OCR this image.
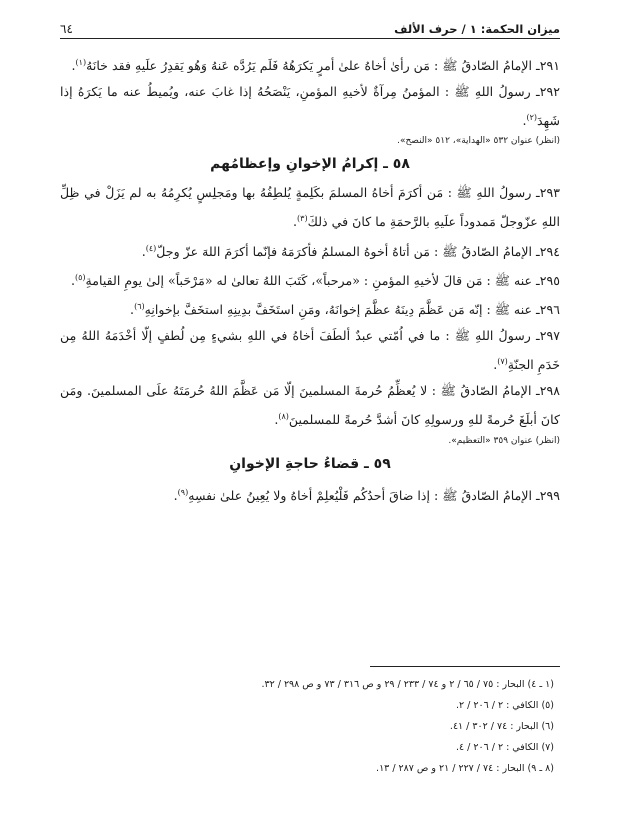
ميزان الحكمة: ١ / حرف الألف
٦٤

٢٩١ـ الإمامُ الصّادقُ ﷺ : مَن رأىٰ أخاهُ علىٰ أمرٍ يَكرَهُهُ فَلَم يَرُدَّه عَنهُ وَهُو يَقدِرُ علَيهِ فقد خانَهُ$^{(١)}$.

٢٩٢ـ رسولُ اللهِ ﷺ : المؤمنُ مِرآةٌ لأخيهِ المؤمنِ، يَنْصَحُهُ إذا غابَ عنه، ويُميطُ عنه ما يَكرَهُ إذا شَهِدَ$^{(٢)}$.

(انظر) عنوان ٥٣٢ «الهداية»، ٥١٢ «النصح».
٥٨ ـ إكرامُ الإخوانِ وإعظامُهم

٢٩٣ـ رسولُ اللهِ ﷺ : مَن أكرَمَ أخاهُ المسلمَ بكَلِمةٍ يُلطِفُهُ بها ومَجلِسٍ يُكرِمُهُ به لم يَزَلْ في ظِلِّ اللهِ عزّوجلّ مَمدوداً علَيهِ بالرَّحمَةِ ما كانَ في ذلكَ$^{(٣)}$.

٢٩٤ـ الإمامُ الصّادقُ ﷺ : مَن أتاهُ أخوهُ المسلمُ فأكرَمَهُ فإنّما أكرَمَ اللهَ عزّ وجلّ$^{(٤)}$.

٢٩٥ـ عنه ﷺ : مَن قالَ لأخيهِ المؤمنِ : «مرحباً»، كَتَبَ اللهُ تعالىٰ له «مَرْحَباً» إلىٰ يومِ القيامةِ$^{(٥)}$.

٢٩٦ـ عنه ﷺ : إنّه مَن عَظَّمَ دِينَهُ عظَّمَ إخوانَهُ، ومَنِ استَخَفَّ بدِينِهِ استخَفَّ بإخوانِهِ$^{(٦)}$.

٢٩٧ـ رسولُ اللهِ ﷺ : ما في اُمّتي عبدٌ ألطَفَ أخاهُ في اللهِ بشيءٍ مِن لُطفٍ إلّا أخْدَمَهُ اللهُ مِن خَدَمِ الجنّةِ$^{(٧)}$.

٢٩٨ـ الإمامُ الصّادقُ ﷺ : لا يُعظِّمُ حُرمةَ المسلمينَ إلّا مَن عَظَّمَ اللهُ حُرمَتَهُ علَى المسلمينَ. ومَن كانَ أبلَغَ حُرمةً للهِ ورسولِهِ كانَ أشدَّ حُرمةً للمسلمينَ$^{(٨)}$.

(انظر) عنوان ٣٥٩ «التعظيم».
٥٩ ـ قضاءُ حاجةِ الإخوانِ

٢٩٩ـ الإمامُ الصّادقُ ﷺ : إذا ضاقَ أحدُكُم فَلْيُعلِمْ أخاهُ ولا يُعِينُ علىٰ نفسِهِ$^{(٩)}$.

(١ ـ ٤) البحار : ٧٥ / ٦٥ / ٢ و ٧٤ / ٢٣٣ / ٢٩ و ص ٣١٦ / ٧٣ و ص ٢٩٨ / ٣٢.
(٥) الكافي : ٢ / ٢٠٦ / ٢.
(٦) البحار : ٧٤ / ٣٠٢ / ٤١.
(٧) الكافي : ٢ / ٢٠٦ / ٤.
(٨ ـ ٩) البحار : ٧٤ / ٢٢٧ / ٢١ و ص ٢٨٧ / ١٣.
